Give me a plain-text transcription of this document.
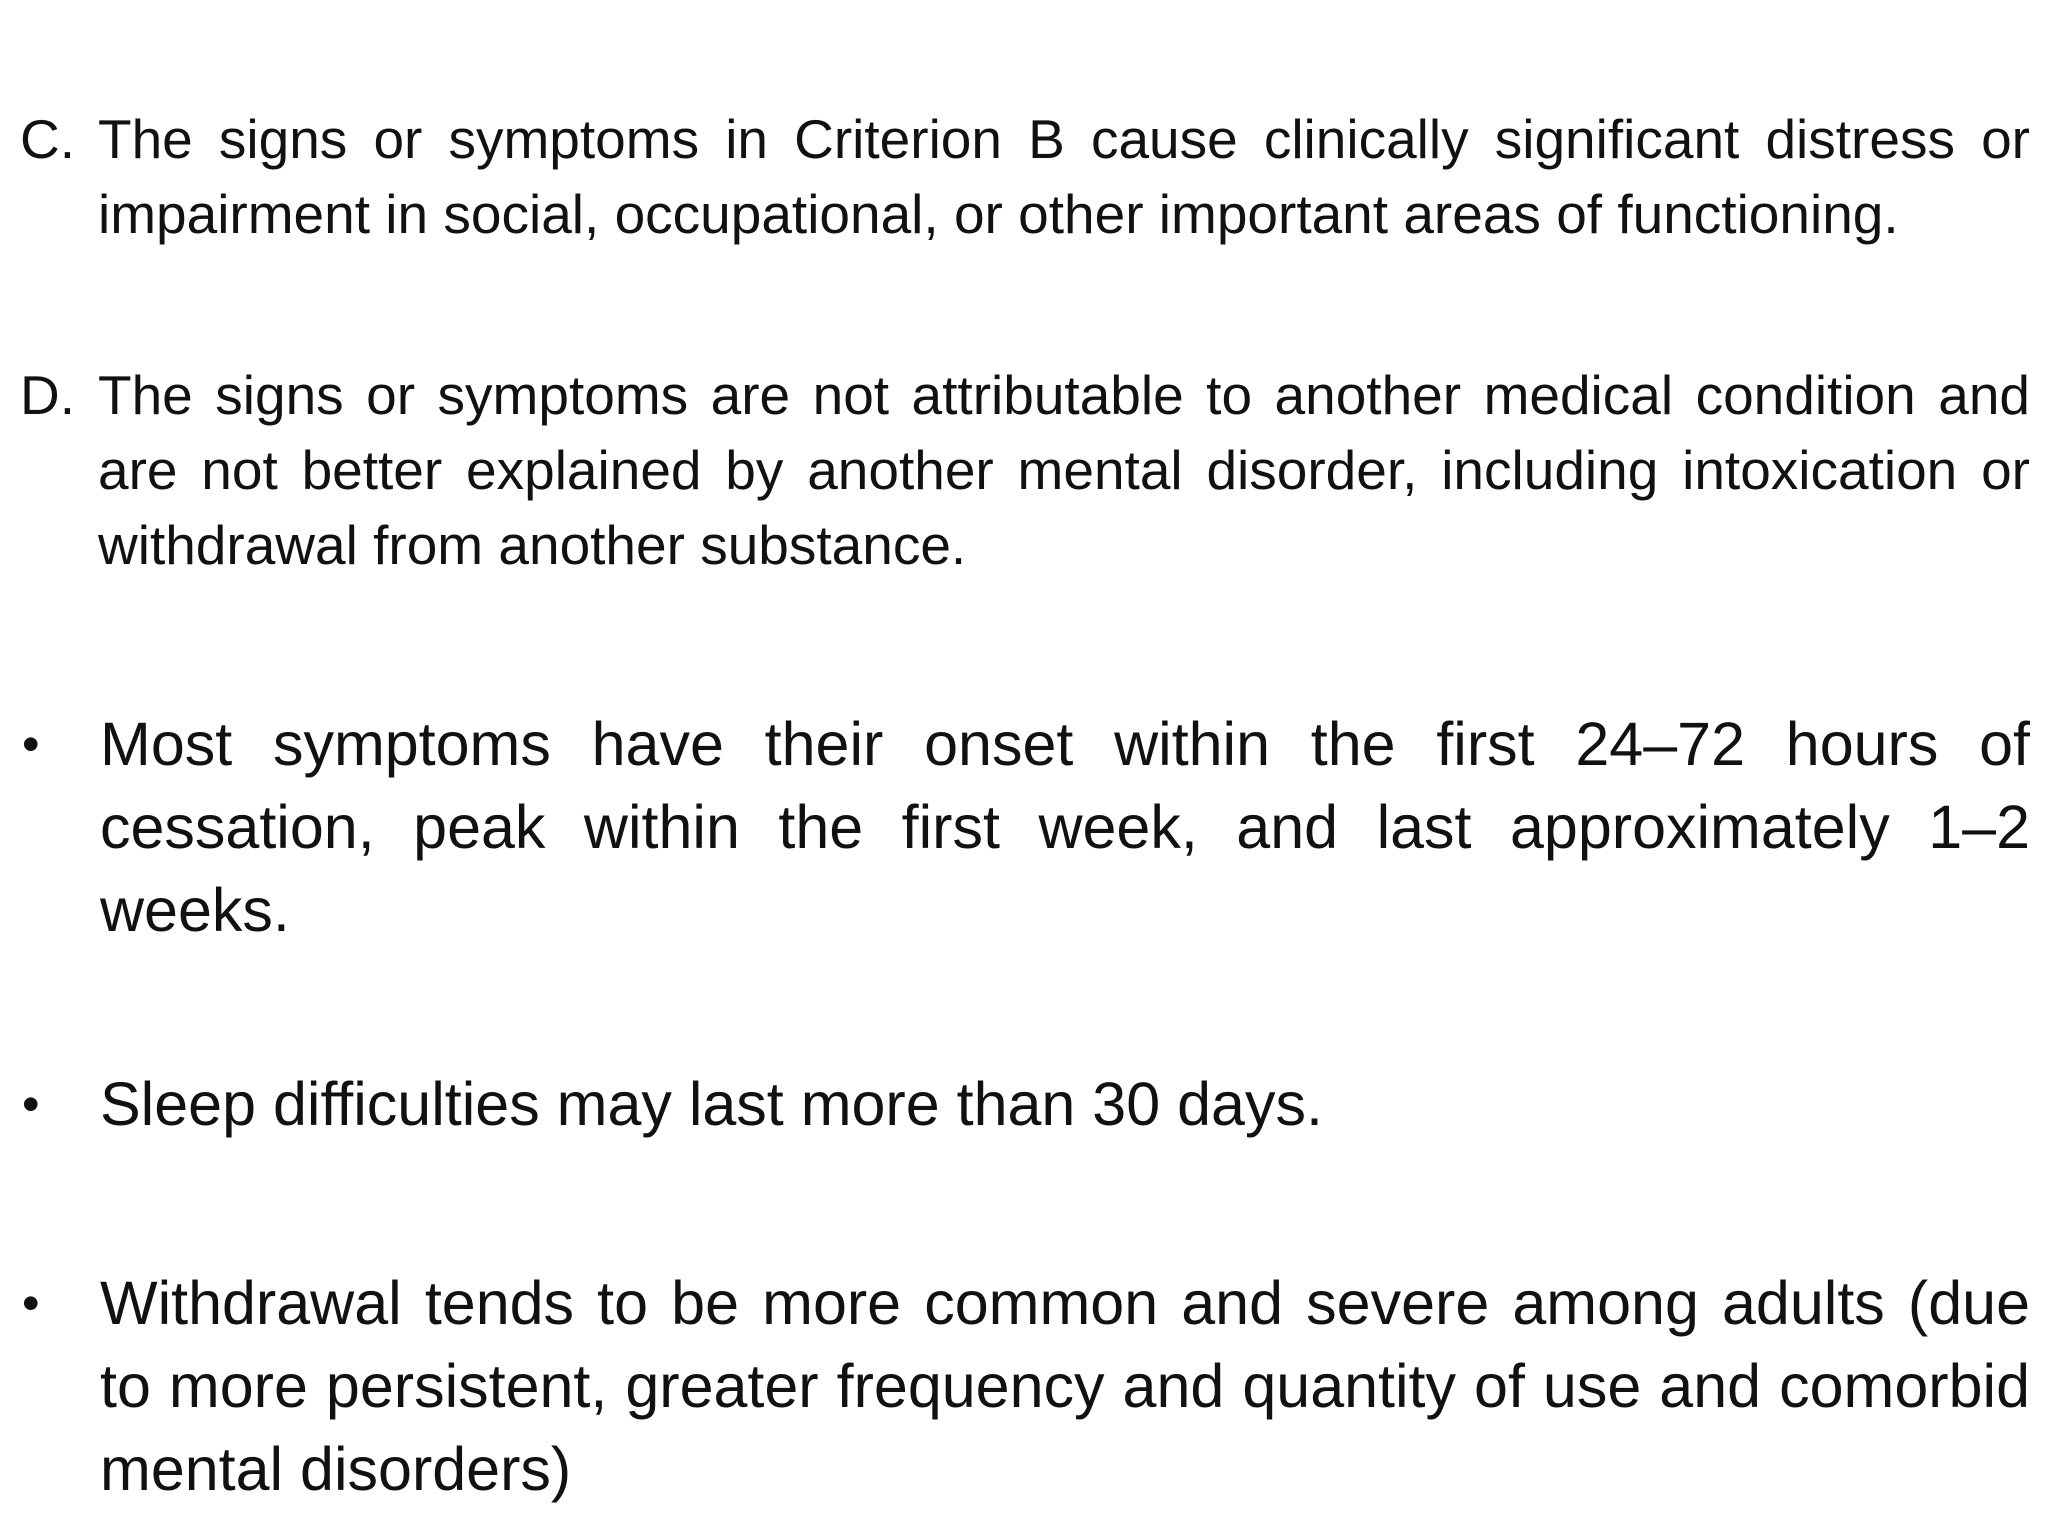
C. The signs or symptoms in Criterion B cause clinically significant distress or impairment in social, occupational, or other important areas of functioning.

D. The signs or symptoms are not attributable to another medical condition and are not better explained by another mental disorder, including intoxication or withdrawal from another substance.

• Most symptoms have their onset within the first 24–72 hours of cessation, peak within the first week, and last approximately 1–2 weeks.

• Sleep difficulties may last more than 30 days.

• Withdrawal tends to be more common and severe among adults (due to more persistent, greater frequency and quantity of use and comorbid mental disorders)
